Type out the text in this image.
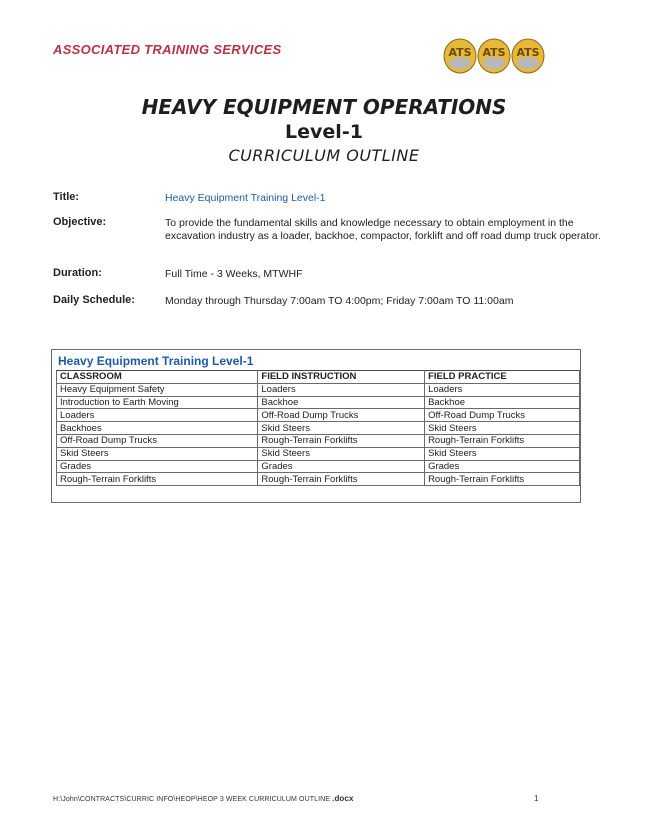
ASSOCIATED TRAINING SERVICES	ATS ATS ATS
HEAVY EQUIPMENT OPERATIONS
Level-1
CURRICULUM OUTLINE
Title:	Heavy Equipment Training Level-1
Objective:	To provide the fundamental skills and knowledge necessary to obtain employment in the excavation industry as a loader, backhoe, compactor, forklift and off road dump truck operator.
Duration:	Full Time - 3 Weeks, MTWHF
Daily Schedule:	Monday through Thursday 7:00am TO 4:00pm; Friday 7:00am TO 11:00am
Heavy Equipment Training Level-1
CLASSROOM	FIELD INSTRUCTION	FIELD PRACTICE
Heavy Equipment Safety	Loaders	Loaders
Introduction to Earth Moving	Backhoe	Backhoe
Loaders	Off-Road Dump Trucks	Off-Road Dump Trucks
Backhoes	Skid Steers	Skid Steers
Off-Road Dump Trucks	Rough-Terrain Forklifts	Rough-Terrain Forklifts
Skid Steers	Skid Steers	Skid Steers
Grades	Grades	Grades
Rough-Terrain Forklifts	Rough-Terrain Forklifts	Rough-Terrain Forklifts
H:\John\CONTRACTS\CURRIC INFO\HEOP\HEOP 3 WEEK CURRICULUM OUTLINE .docx	1
